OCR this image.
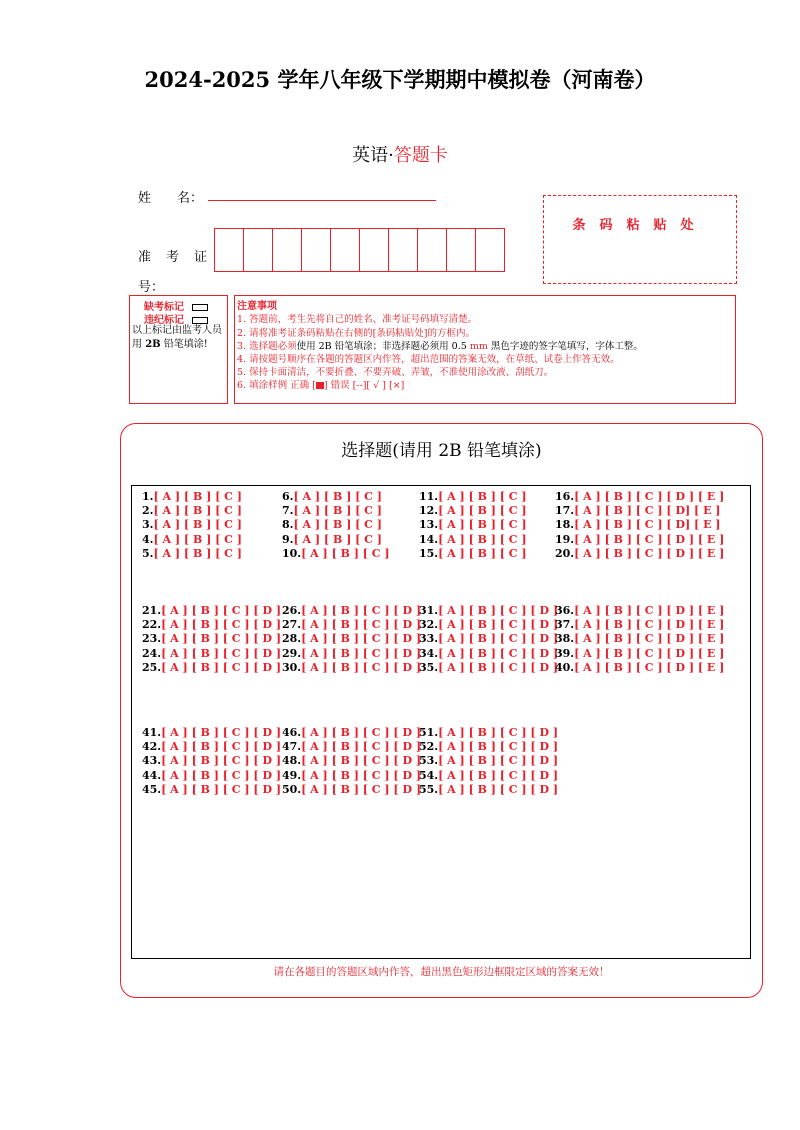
2024-2025 学年八年级下学期期中模拟卷（河南卷）
英语·答题卡
姓　　名：
准　考　证
号：
条码粘贴处
缺考标记
违纪标记
以上标记由监考人员
用 2B 铅笔填涂!
注意事项
1. 答题前，考生先将自己的姓名、准考证号码填写清楚。
2. 请将准考证条码粘贴在右侧的[条码粘贴处]的方框内。
3. 选择题必须使用 2B 铅笔填涂；非选择题必须用 0.5 mm 黑色字迹的签字笔填写，字体工整。
4. 请按题号顺序在各题的答题区内作答，超出范围的答案无效，在草纸、试卷上作答无效。
5. 保持卡面清洁，不要折叠、不要弄破、弄皱，不准使用涂改液、刮纸刀。
6. 填涂样例 正确 [ ] 错误 [--][ √ ] [×]
选择题(请用 2B 铅笔填涂)
1.[ A ] [ B ] [ C ]
2.[ A ] [ B ] [ C ]
3.[ A ] [ B ] [ C ]
4.[ A ] [ B ] [ C ]
5.[ A ] [ B ] [ C ]
6.[ A ] [ B ] [ C ]
7.[ A ] [ B ] [ C ]
8.[ A ] [ B ] [ C ]
9.[ A ] [ B ] [ C ]
10.[ A ] [ B ] [ C ]
11.[ A ] [ B ] [ C ]
12.[ A ] [ B ] [ C ]
13.[ A ] [ B ] [ C ]
14.[ A ] [ B ] [ C ]
15.[ A ] [ B ] [ C ]
16.[ A ] [ B ] [ C ] [ D ] [ E ]
17.[ A ] [ B ] [ C ] [ D] [ E ]
18.[ A ] [ B ] [ C ] [ D] [ E ]
19.[ A ] [ B ] [ C ] [ D ] [ E ]
20.[ A ] [ B ] [ C ] [ D ] [ E ]
21.[ A ] [ B ] [ C ] [ D ]
22.[ A ] [ B ] [ C ] [ D ]
23.[ A ] [ B ] [ C ] [ D ]
24.[ A ] [ B ] [ C ] [ D ]
25.[ A ] [ B ] [ C ] [ D ]
26.[ A ] [ B ] [ C ] [ D ]
27.[ A ] [ B ] [ C ] [ D ]
28.[ A ] [ B ] [ C ] [ D ]
29.[ A ] [ B ] [ C ] [ D ]
30.[ A ] [ B ] [ C ] [ D ]
31.[ A ] [ B ] [ C ] [ D ]
32.[ A ] [ B ] [ C ] [ D ]
33.[ A ] [ B ] [ C ] [ D ]
34.[ A ] [ B ] [ C ] [ D ]
35.[ A ] [ B ] [ C ] [ D ]
36.[ A ] [ B ] [ C ] [ D ] [ E ]
37.[ A ] [ B ] [ C ] [ D ] [ E ]
38.[ A ] [ B ] [ C ] [ D ] [ E ]
39.[ A ] [ B ] [ C ] [ D ] [ E ]
40.[ A ] [ B ] [ C ] [ D ] [ E ]
41.[ A ] [ B ] [ C ] [ D ]
42.[ A ] [ B ] [ C ] [ D ]
43.[ A ] [ B ] [ C ] [ D ]
44.[ A ] [ B ] [ C ] [ D ]
45.[ A ] [ B ] [ C ] [ D ]
46.[ A ] [ B ] [ C ] [ D ]
47.[ A ] [ B ] [ C ] [ D ]
48.[ A ] [ B ] [ C ] [ D ]
49.[ A ] [ B ] [ C ] [ D ]
50.[ A ] [ B ] [ C ] [ D ]
51.[ A ] [ B ] [ C ] [ D ]
52.[ A ] [ B ] [ C ] [ D ]
53.[ A ] [ B ] [ C ] [ D ]
54.[ A ] [ B ] [ C ] [ D ]
55.[ A ] [ B ] [ C ] [ D ]
请在各题目的答题区域内作答，超出黑色矩形边框限定区域的答案无效！
